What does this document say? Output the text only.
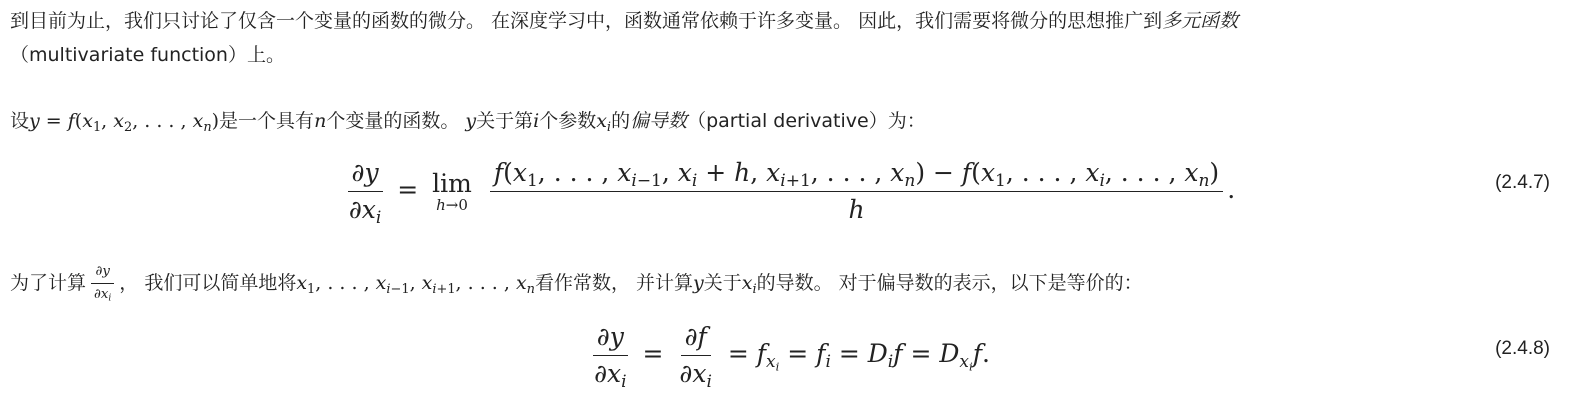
到目前为止，我们只讨论了仅含一个变量的函数的微分。 在深度学习中，函数通常依赖于许多变量。 因此，我们需要将微分的思想推广到多元函数
（multivariate function）上。
设$y = f(x_1$, $x_2$, . . . , $x_n$)是一个具有n个变量的函数。 y关于第i个参数$x_i$的偏导数（partial derivative）为：
$\frac{\partial y}{\partial x_i} = \lim$
h→0

$f(x_1$, . . . , $x_{i-1}$, $x_i + h$, $x_{i+1}$, . . . , $x_n) - f(x_1$, . . . , $x_i$, . . . , $x_n$)
h
.	(2.4.7)
为了计算 $\frac{\partial y}{\partial x_i}$ ， 我们可以简单地将$x_1$, . . . , $x_{i-1}$, $x_{i+1}$, . . . , $x_n$看作常数， 并计算y关于$x_i$的导数。 对于偏导数的表示，以下是等价的：
$\frac{\partial y}{\partial x_i} = \frac{\partial f}{\partial x_i} = f_{x_i} = f_i = D_if = D_{x_i}f$.	(2.4.8)
